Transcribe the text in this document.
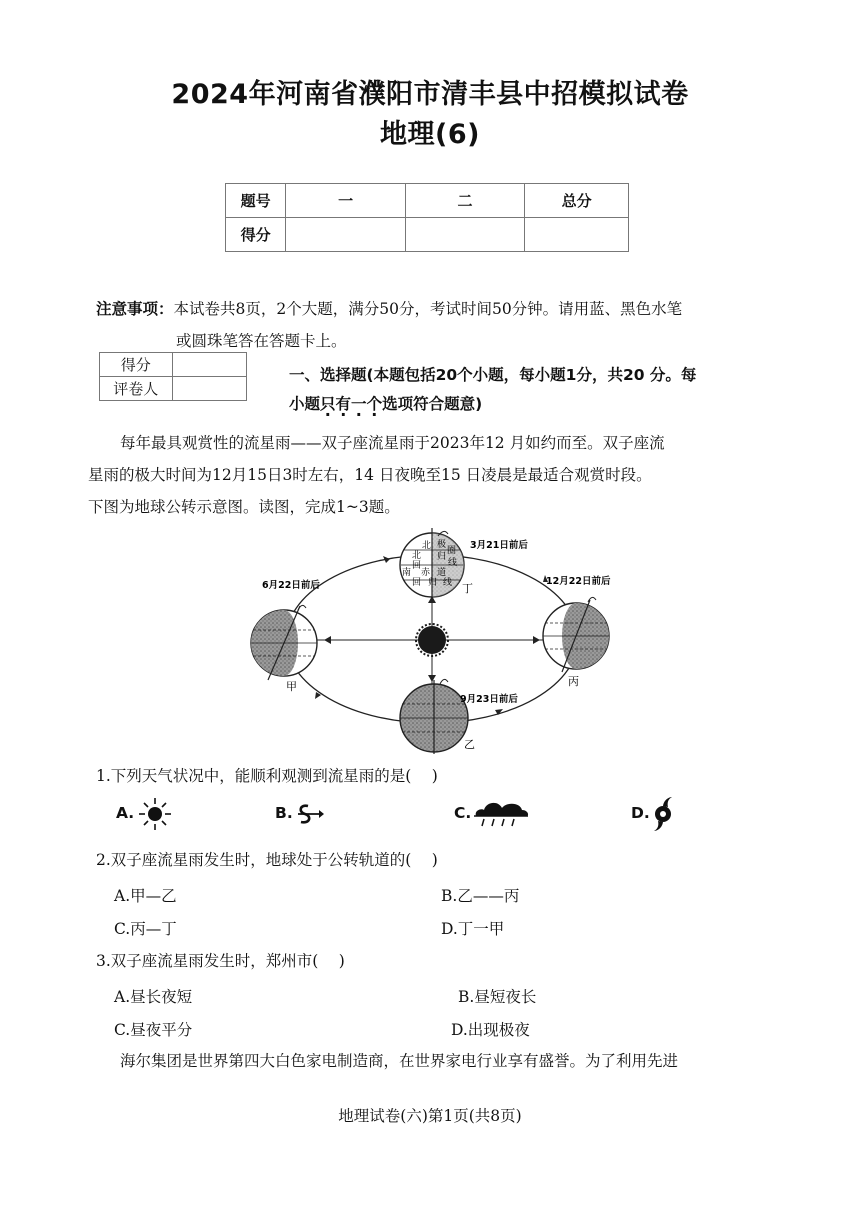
2024年河南省濮阳市清丰县中招模拟试卷
地理(6)
题号	一	二	总分
得分			
注意事项：本试卷共8页，2个大题，满分50分，考试时间50分钟。请用蓝、黑色水笔
或圆珠笔答在答题卡上。
得分	
评卷人	
一、选择题(本题包括20个小题，每小题1分，共20 分。每
小题只有一个选项符合题意)
每年最具观赏性的流星雨——双子座流星雨于2023年12 月如约而至。双子座流
星雨的极大时间为12月15日3时左右，14 日夜晚至15 日凌晨是最适合观赏时段。
下图为地球公转示意图。读图，完成1~3题。
北 极
圈
北
回
归
线
赤 道
南
回 归 线
3月21日前后
丁
6月22日前后
甲
12月22日前后
丙
9月23日前后
乙
1.下列天气状况中，能顺利观测到流星雨的是(　 )
A.	B.	C.	D.
2.双子座流星雨发生时，地球处于公转轨道的(　 )
A.甲—乙	B.乙——丙
C.丙—丁	D.丁一甲
3.双子座流星雨发生时，郑州市(　 )
A.昼长夜短	B.昼短夜长
C.昼夜平分	D.出现极夜
海尔集团是世界第四大白色家电制造商，在世界家电行业享有盛誉。为了利用先进
地理试卷(六)第1页(共8页)
